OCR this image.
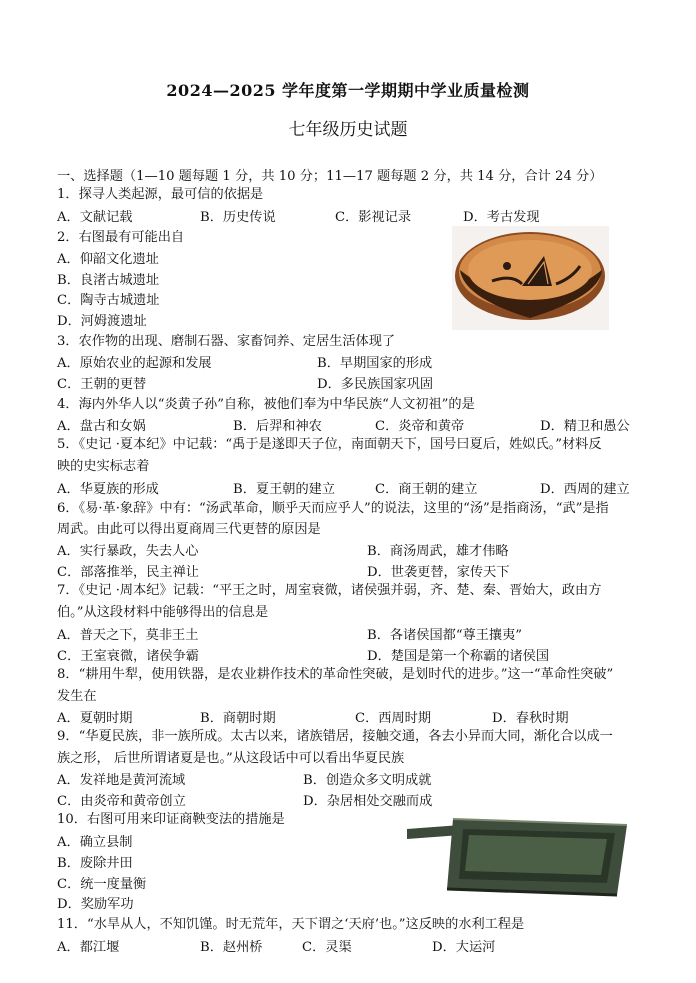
2024—2025 学年度第一学期期中学业质量检测
七年级历史试题
一、选择题（1—10 题每题 1 分，共 10 分；11—17 题每题 2 分，共 14 分，合计 24 分）
1．探寻人类起源，最可信的依据是
A．文献记载	B．历史传说	C．影视记录	D．考古发现
2．右图最有可能出自
A．仰韶文化遗址
B．良渚古城遗址
C．陶寺古城遗址
D．河姆渡遗址
3．农作物的出现、磨制石器、家畜饲养、定居生活体现了
A．原始农业的起源和发展	B．早期国家的形成
C．王朝的更替	D．多民族国家巩固
4．海内外华人以“炎黄子孙”自称，被他们奉为中华民族“人文初祖”的是
A．盘古和女娲	B．后羿和神农	C．炎帝和黄帝	D．精卫和愚公
5．《史记 ·夏本纪》中记载：“禹于是遂即天子位，南面朝天下，国号曰夏后，姓姒氏。”材料反
映的史实标志着
A．华夏族的形成	B．夏王朝的建立	C．商王朝的建立	D．西周的建立
6．《易·革·象辞》中有：“汤武革命，顺乎天而应乎人”的说法，这里的“汤”是指商汤，“武”是指
周武。由此可以得出夏商周三代更替的原因是
A．实行暴政，失去人心	B．商汤周武，雄才伟略
C．部落推举，民主禅让	D．世袭更替，家传天下
7．《史记 ·周本纪》记载：“平王之时，周室衰微，诸侯强并弱，齐、楚、秦、晋始大，政由方
伯。”从这段材料中能够得出的信息是
A．普天之下，莫非王土	B．各诸侯国都“尊王攘夷”
C．王室衰微，诸侯争霸	D．楚国是第一个称霸的诸侯国
8．“耕用牛犁，使用铁器，是农业耕作技术的革命性突破，是划时代的进步。”这一“革命性突破”
发生在
A．夏朝时期	B．商朝时期	C．西周时期	D．春秋时期
9．“华夏民族，非一族所成。太古以来，诸族错居，接触交通，各去小异而大同，渐化合以成一
族之形， 后世所谓诸夏是也。”从这段话中可以看出华夏民族
A．发祥地是黄河流域	B．创造众多文明成就
C．由炎帝和黄帝创立	D．杂居相处交融而成
10．右图可用来印证商鞅变法的措施是
A．确立县制
B．废除井田
C．统一度量衡
D．奖励军功
11．“水旱从人，不知饥馑。时无荒年，天下谓之‘天府’也。”这反映的水利工程是
A．都江堰	B．赵州桥	C．灵渠	D．大运河
